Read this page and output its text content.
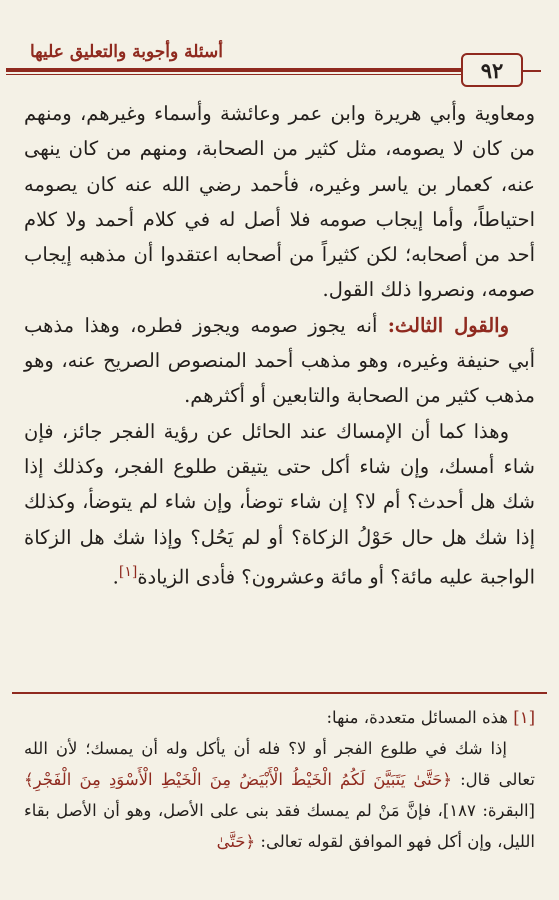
أسئلة وأجوبة والتعليق عليها
٩٢

ومعاوية وأبي هريرة وابن عمر وعائشة وأسماء وغيرهم، ومنهم من كان لا يصومه، مثل كثير من الصحابة، ومنهم من كان ينهى عنه، كعمار بن ياسر وغيره، فأحمد رضي الله عنه كان يصومه احتياطاً، وأما إيجاب صومه فلا أصل له في كلام أحمد ولا كلام أحد من أصحابه؛ لكن كثيراً من أصحابه اعتقدوا أن مذهبه إيجاب صومه، ونصروا ذلك القول.

والقول الثالث: أنه يجوز صومه ويجوز فطره، وهذا مذهب أبي حنيفة وغيره، وهو مذهب أحمد المنصوص الصريح عنه، وهو مذهب كثير من الصحابة والتابعين أو أكثرهم.

وهذا كما أن الإمساك عند الحائل عن رؤية الفجر جائز، فإن شاء أمسك، وإن شاء أكل حتى يتيقن طلوع الفجر، وكذلك إذا شك هل أحدث؟ أم لا؟ إن شاء توضأ، وإن شاء لم يتوضأ، وكذلك إذا شك هل حال حَوْلُ الزكاة؟ أو لم يَحُل؟ وإذا شك هل الزكاة الواجبة عليه مائة؟ أو مائة وعشرون؟ فأدى الزيادة[١].

[١] هذه المسائل متعددة، منها:

إذا شك في طلوع الفجر أو لا؟ فله أن يأكل وله أن يمسك؛ لأن الله تعالى قال: ﴿حَتَّىٰ يَتَبَيَّنَ لَكُمُ الْخَيْطُ الْأَبْيَضُ مِنَ الْخَيْطِ الْأَسْوَدِ مِنَ الْفَجْرِ﴾ [البقرة: ١٨٧]، فإنَّ مَنْ لم يمسك فقد بنى على الأصل، وهو أن الأصل بقاء الليل، وإن أكل فهو الموافق لقوله تعالى: ﴿حَتَّىٰ
